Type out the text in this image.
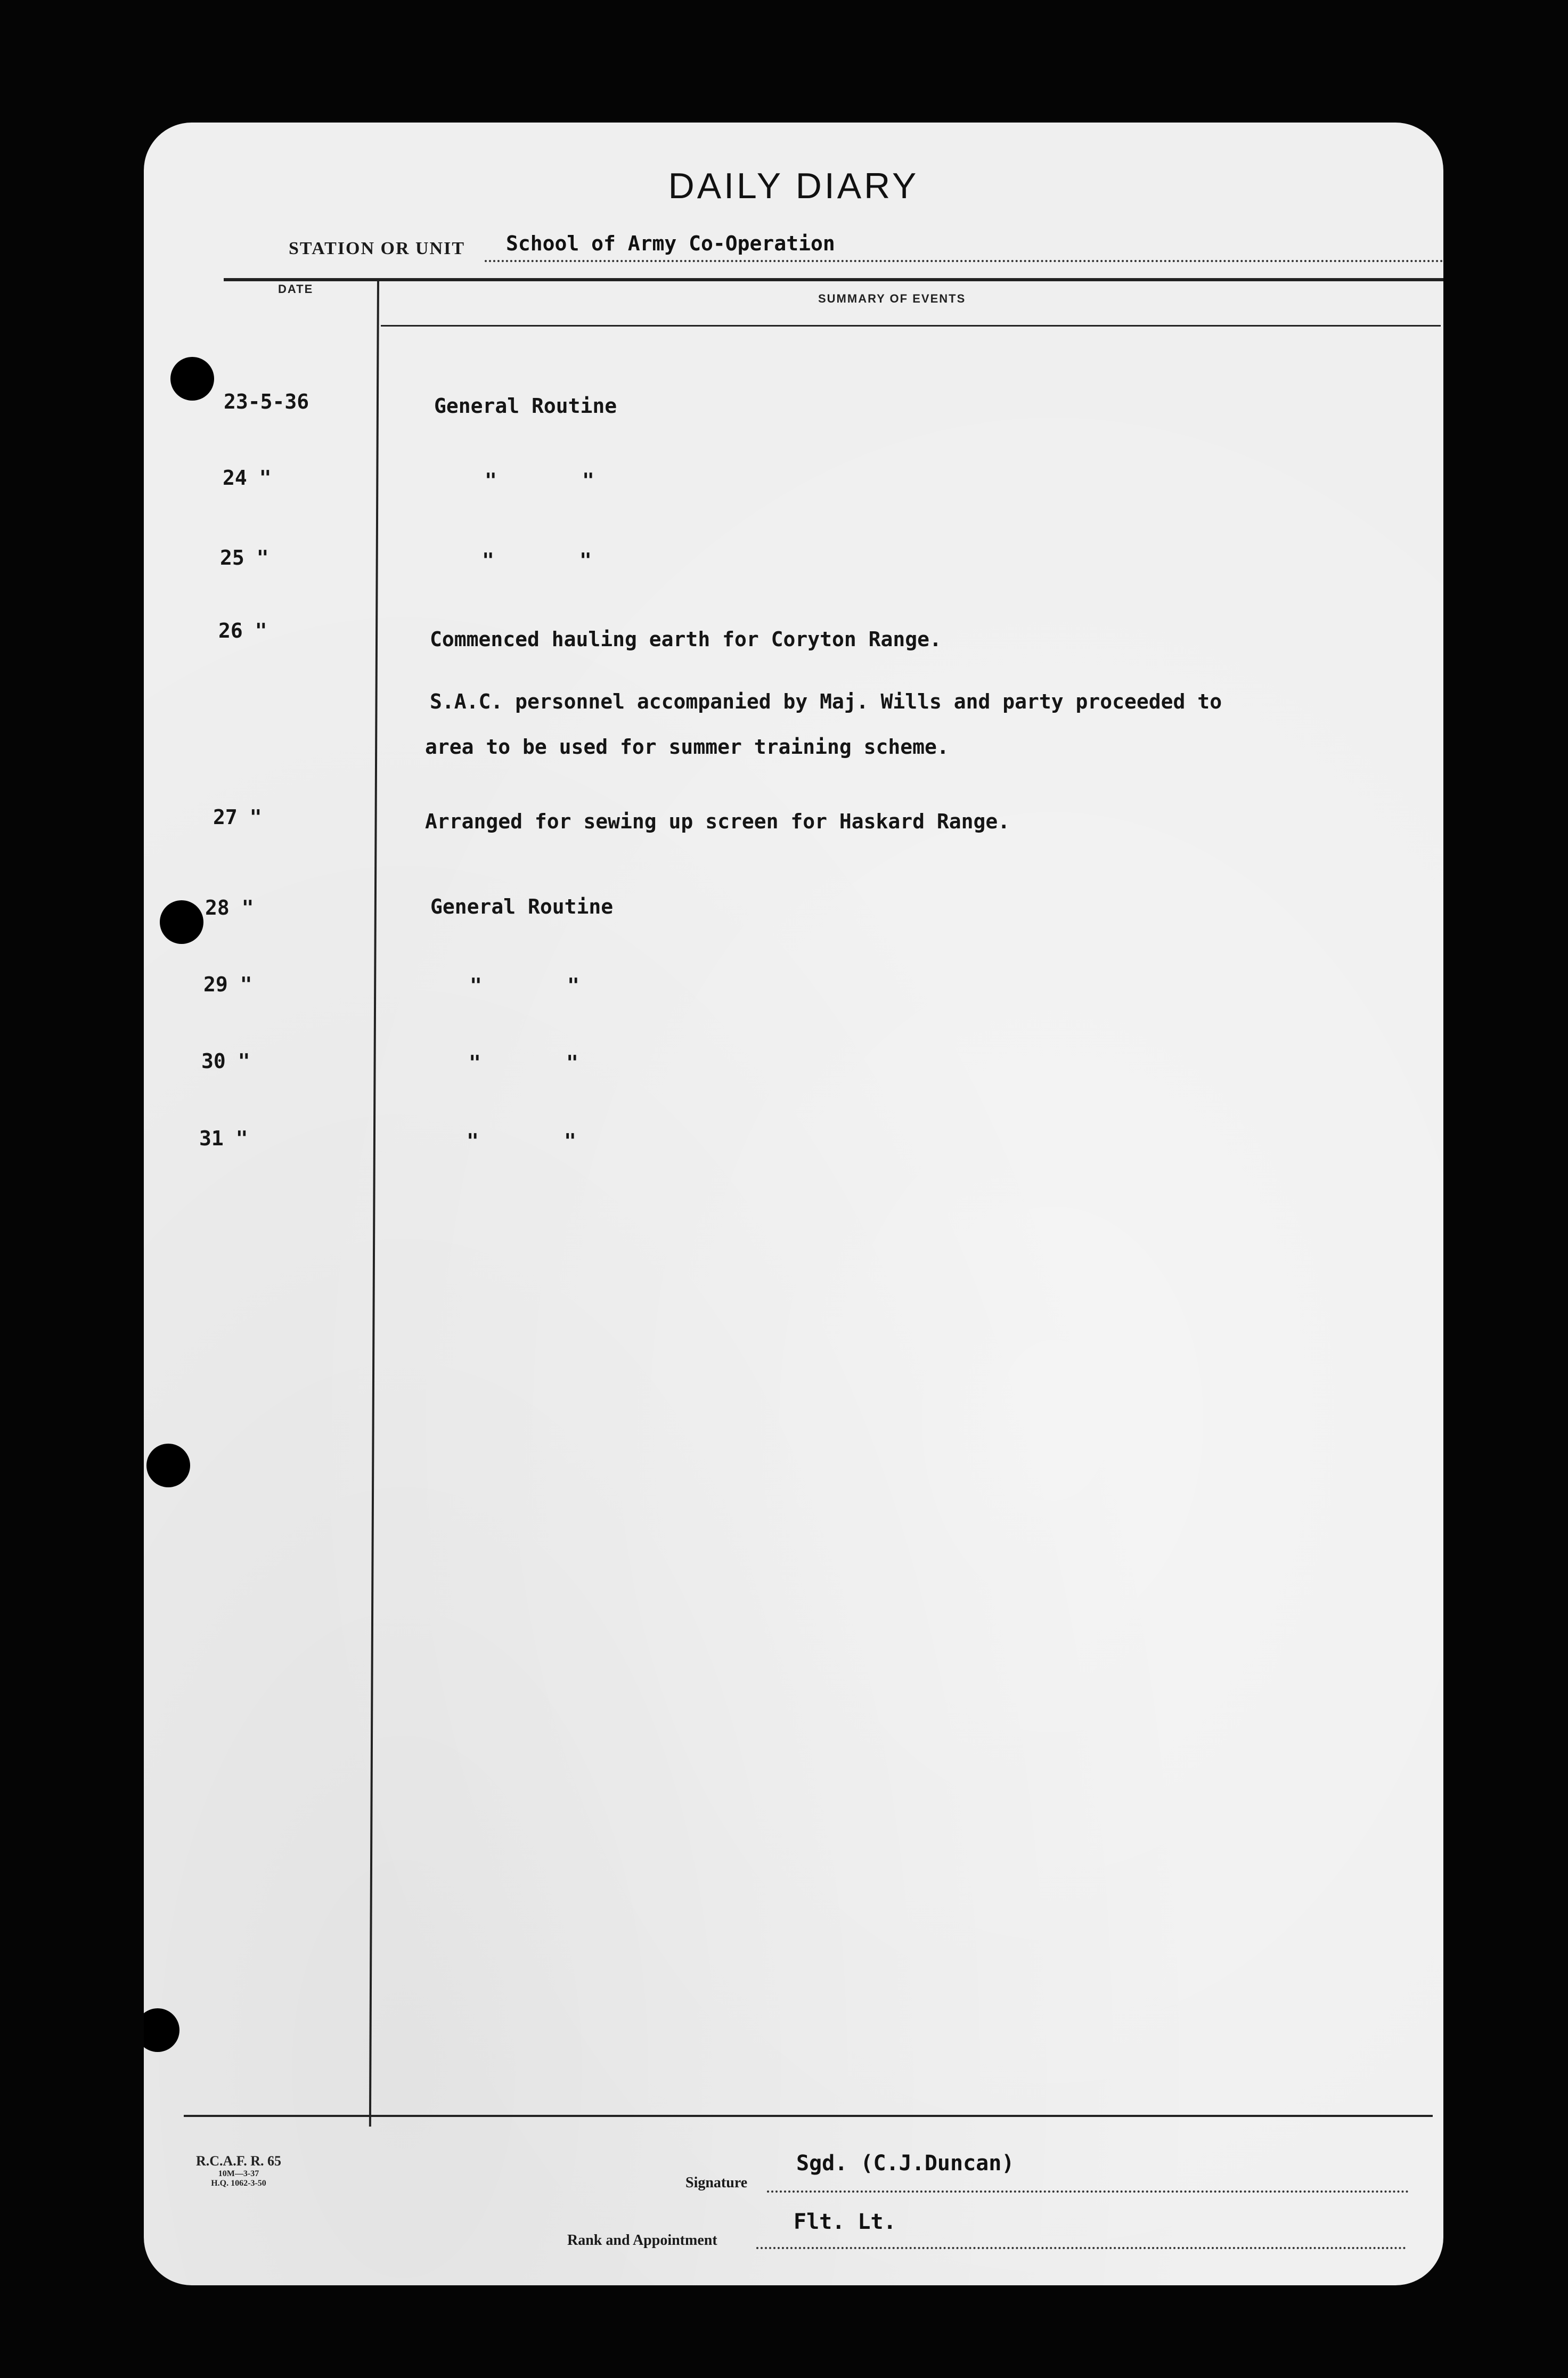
DAILY DIARY
STATION OR UNIT School of Army Co-Operation
DATE
SUMMARY OF EVENTS
23-5-36	General Routine
24 "	"       "
25 "	"       "
26 "	Commenced hauling earth for Coryton Range.
S.A.C. personnel accompanied by Maj. Wills and party proceeded to
area to be used for summer training scheme.
27 "	Arranged for sewing up screen for Haskard Range.
28 "	General Routine
29 "	"       "
30 "	"       "
31 "	"       "
R.C.A.F. R. 65
10M—3-37
H.Q. 1062-3-50	Signature
Sgd. (C.J.Duncan)
Rank and Appointment
Flt. Lt.
